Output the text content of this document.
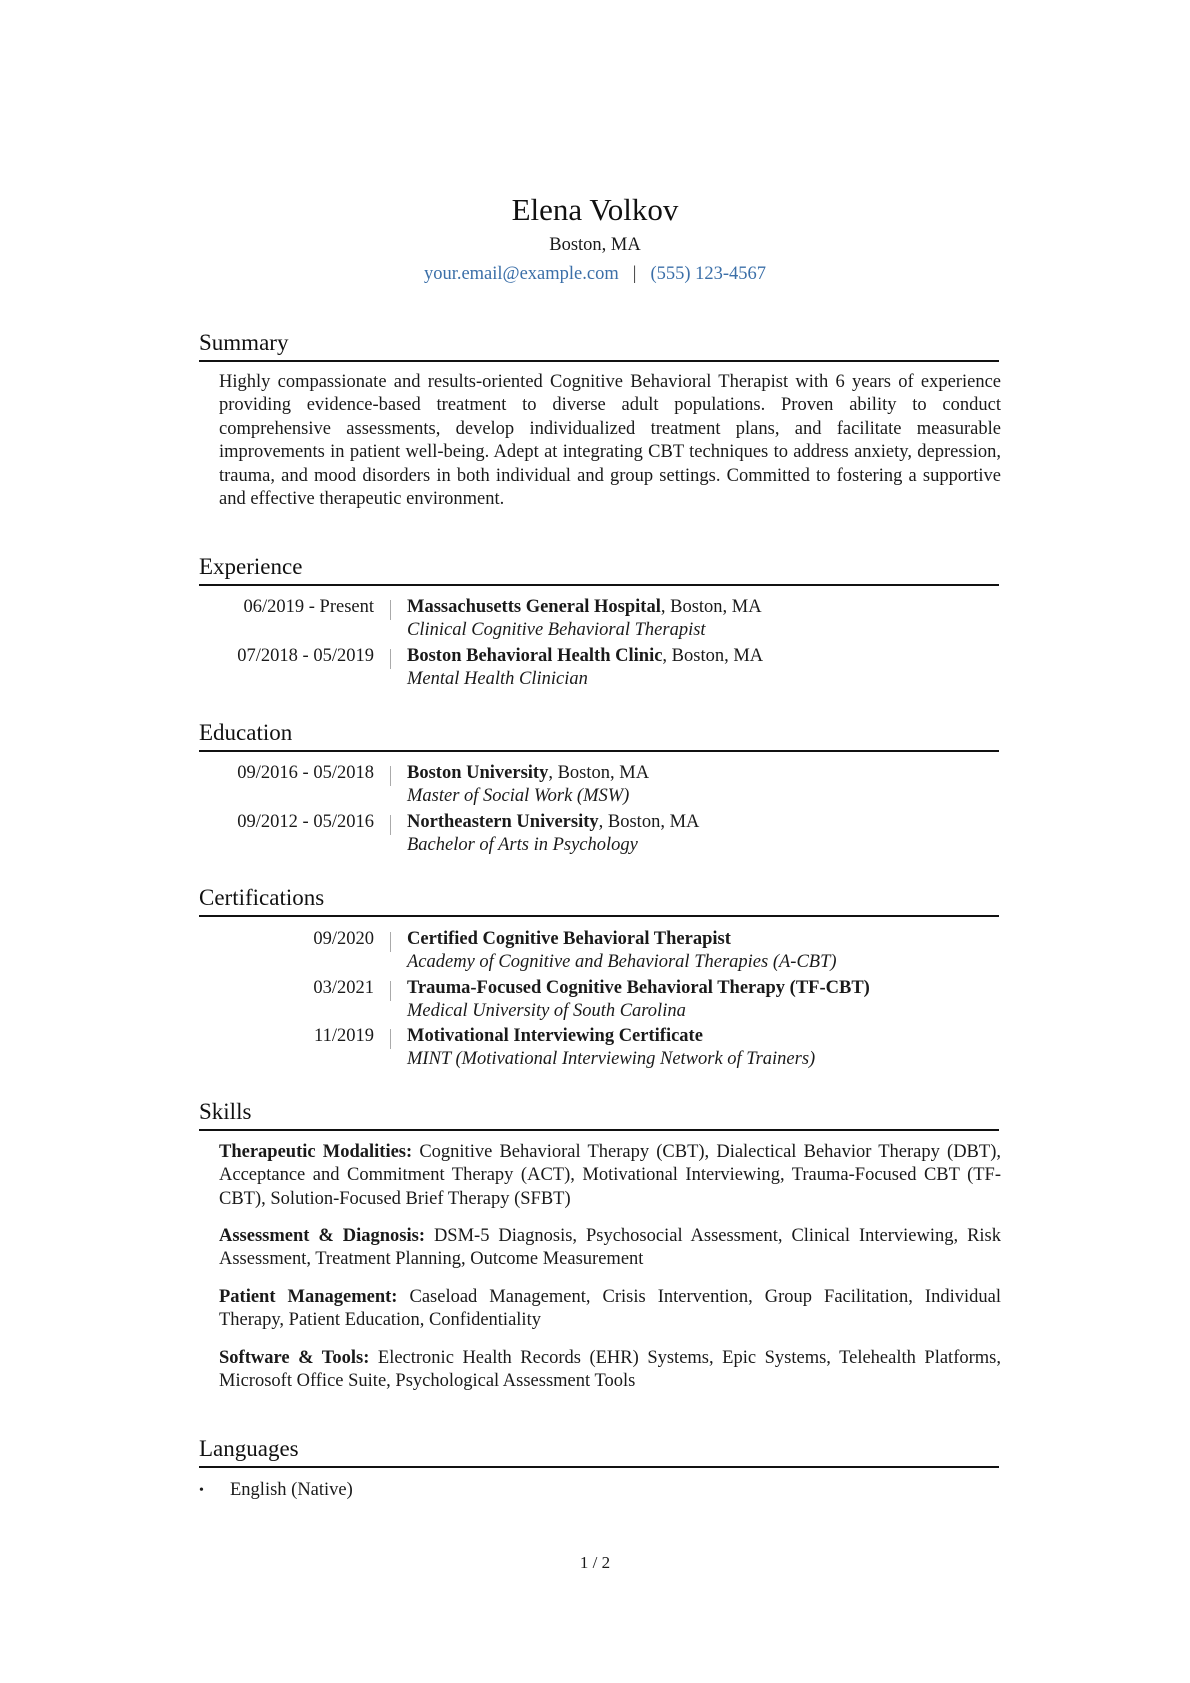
Elena Volkov
Boston, MA
your.email@example.com | (555) 123-4567
Summary
Highly compassionate and results-oriented Cognitive Behavioral Therapist with 6 years of experience providing evidence-based treatment to diverse adult populations. Proven ability to conduct comprehensive assessments, develop individualized treatment plans, and facilitate measurable improvements in patient well-being. Adept at integrating CBT techniques to address anxiety, depression, trauma, and mood disorders in both individual and group settings. Committed to fostering a supportive and effective therapeutic environment.
Experience
06/2019 - Present Massachusetts General Hospital, Boston, MA
Clinical Cognitive Behavioral Therapist
07/2018 - 05/2019 Boston Behavioral Health Clinic, Boston, MA
Mental Health Clinician
Education
09/2016 - 05/2018 Boston University, Boston, MA
Master of Social Work (MSW)
09/2012 - 05/2016 Northeastern University, Boston, MA
Bachelor of Arts in Psychology
Certifications
09/2020 Certified Cognitive Behavioral Therapist
Academy of Cognitive and Behavioral Therapies (A-CBT)
03/2021 Trauma-Focused Cognitive Behavioral Therapy (TF-CBT)
Medical University of South Carolina
11/2019 Motivational Interviewing Certificate
MINT (Motivational Interviewing Network of Trainers)
Skills
Therapeutic Modalities: Cognitive Behavioral Therapy (CBT), Dialectical Behavior Therapy (DBT), Acceptance and Commitment Therapy (ACT), Motivational Interviewing, Trauma-Focused CBT (TF-CBT), Solution-Focused Brief Therapy (SFBT)
Assessment & Diagnosis: DSM-5 Diagnosis, Psychosocial Assessment, Clinical Interviewing, Risk Assessment, Treatment Planning, Outcome Measurement
Patient Management: Caseload Management, Crisis Intervention, Group Facilitation, Individual Therapy, Patient Education, Confidentiality
Software & Tools: Electronic Health Records (EHR) Systems, Epic Systems, Telehealth Platforms, Microsoft Office Suite, Psychological Assessment Tools
Languages
• English (Native)
1 / 2
